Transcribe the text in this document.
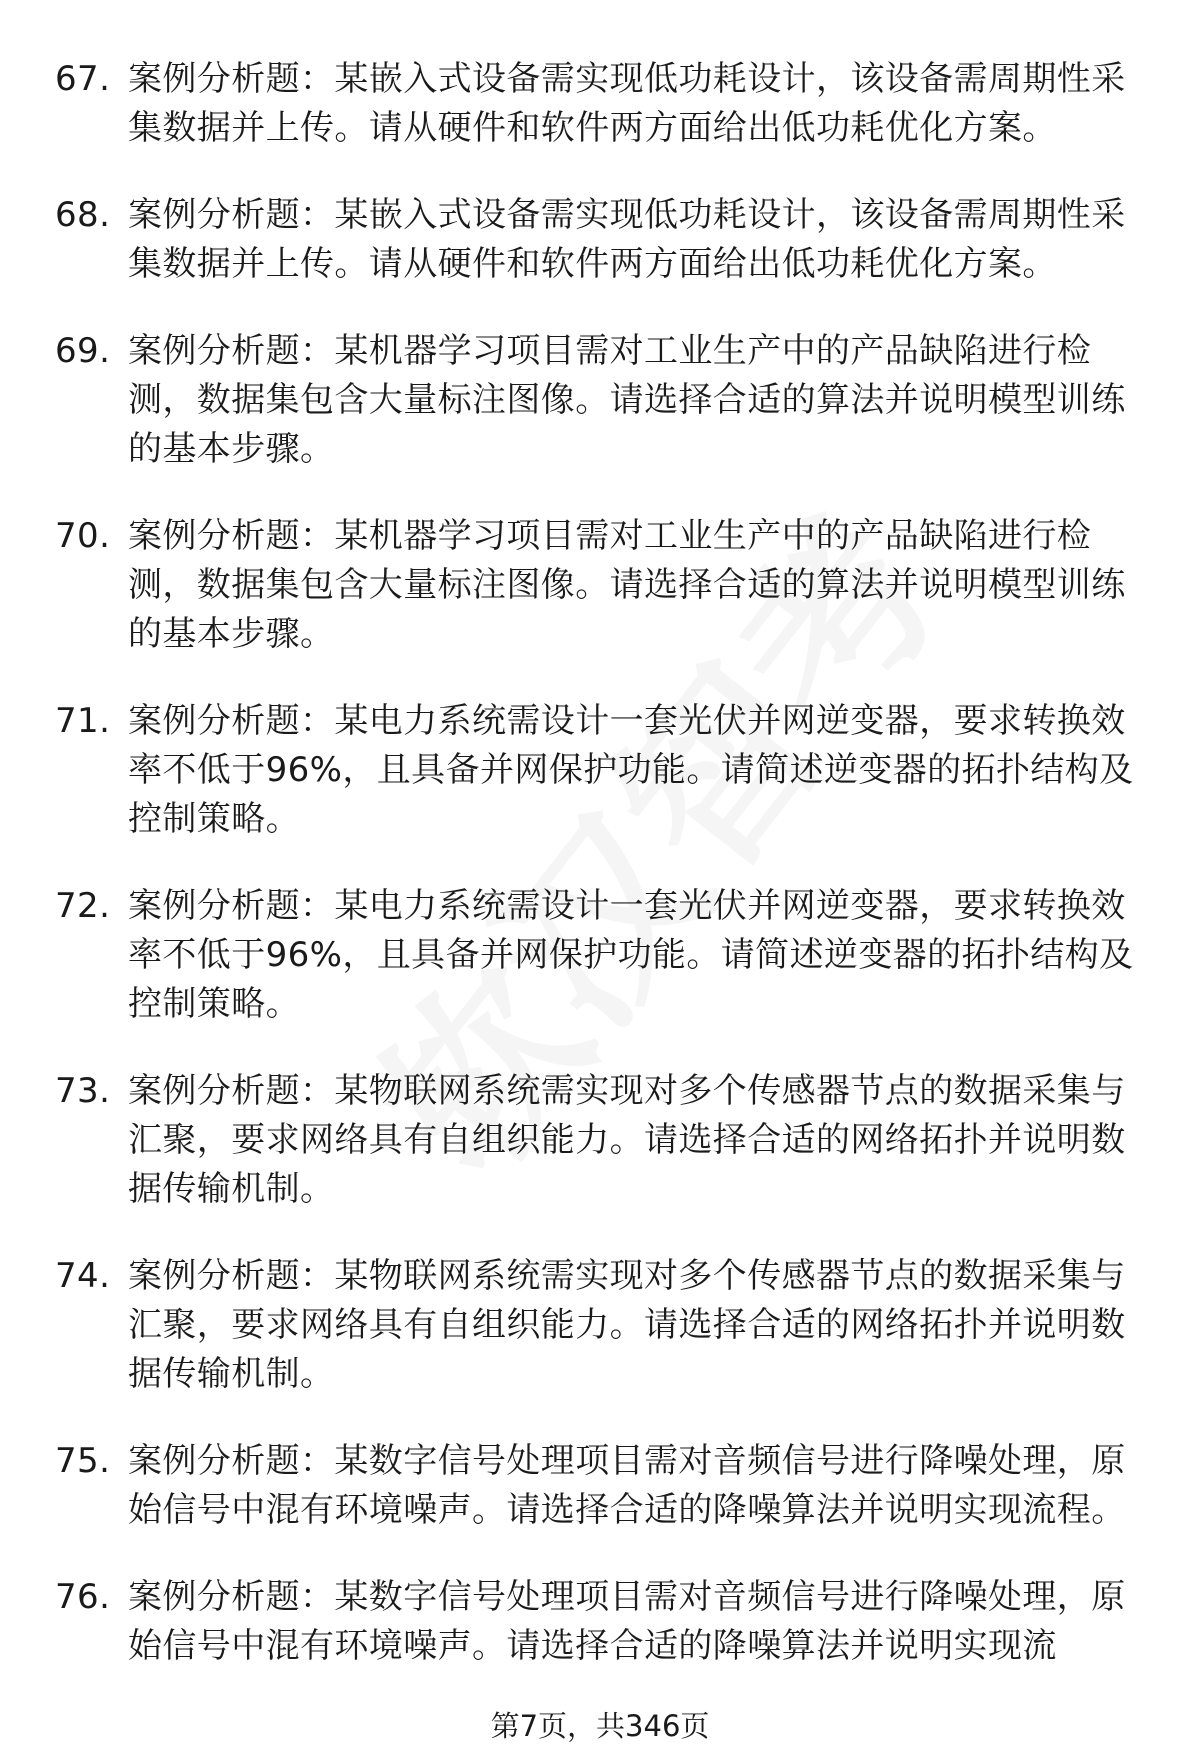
67. 案例分析题：某嵌入式设备需实现低功耗设计，该设备需周期性采集数据并上传。请从硬件和软件两方面给出低功耗优化方案。
68. 案例分析题：某嵌入式设备需实现低功耗设计，该设备需周期性采集数据并上传。请从硬件和软件两方面给出低功耗优化方案。
69. 案例分析题：某机器学习项目需对工业生产中的产品缺陷进行检测，数据集包含大量标注图像。请选择合适的算法并说明模型训练的基本步骤。
70. 案例分析题：某机器学习项目需对工业生产中的产品缺陷进行检测，数据集包含大量标注图像。请选择合适的算法并说明模型训练的基本步骤。
71. 案例分析题：某电力系统需设计一套光伏并网逆变器，要求转换效率不低于96%，且具备并网保护功能。请简述逆变器的拓扑结构及控制策略。
72. 案例分析题：某电力系统需设计一套光伏并网逆变器，要求转换效率不低于96%，且具备并网保护功能。请简述逆变器的拓扑结构及控制策略。
73. 案例分析题：某物联网系统需实现对多个传感器节点的数据采集与汇聚，要求网络具有自组织能力。请选择合适的网络拓扑并说明数据传输机制。
74. 案例分析题：某物联网系统需实现对多个传感器节点的数据采集与汇聚，要求网络具有自组织能力。请选择合适的网络拓扑并说明数据传输机制。
75. 案例分析题：某数字信号处理项目需对音频信号进行降噪处理，原始信号中混有环境噪声。请选择合适的降噪算法并说明实现流程。
76. 案例分析题：某数字信号处理项目需对音频信号进行降噪处理，原始信号中混有环境噪声。请选择合适的降噪算法并说明实现流
第7页，共346页
